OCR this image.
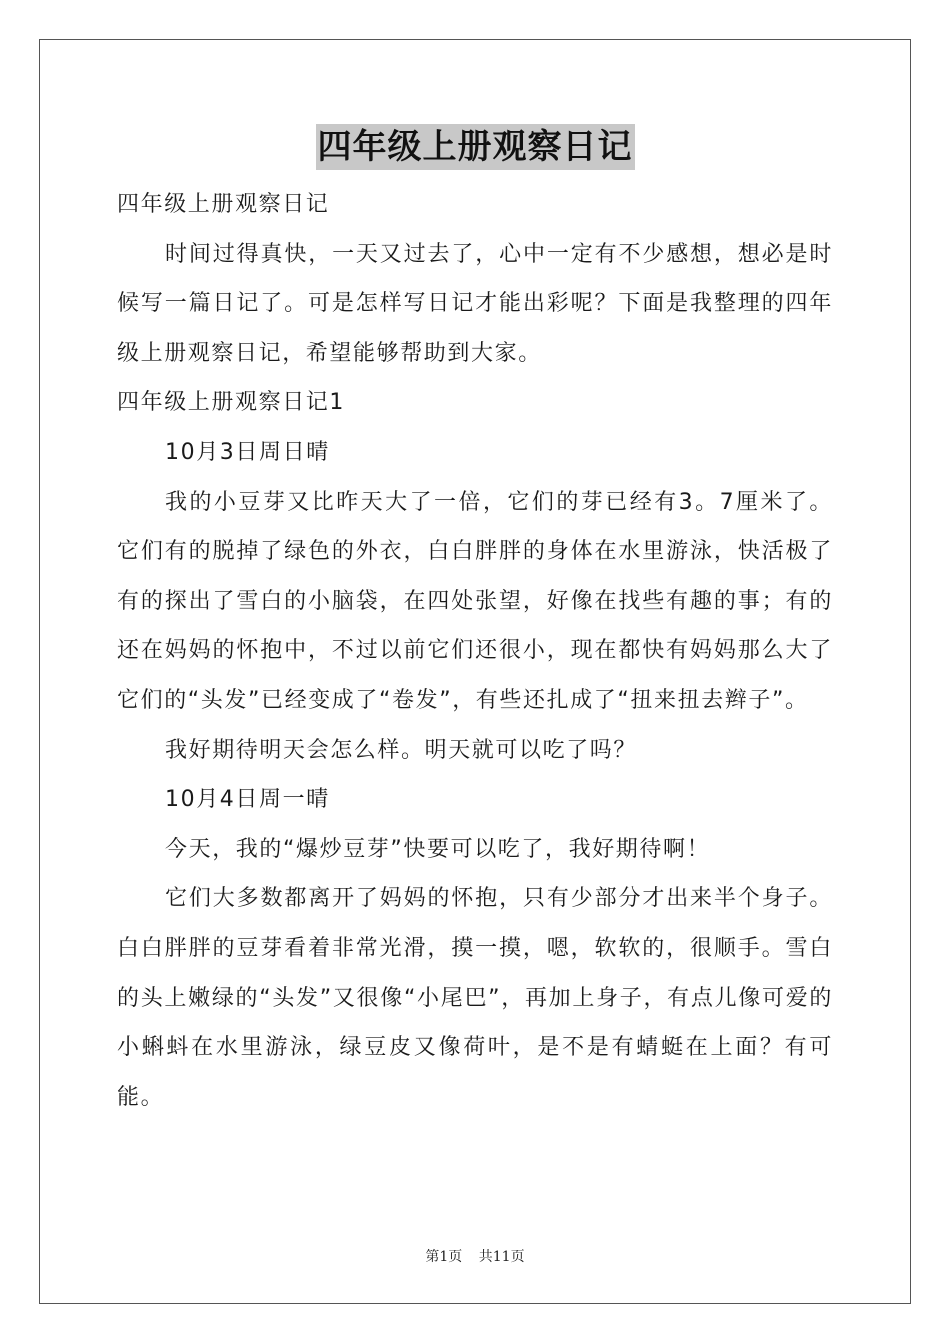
四年级上册观察日记

四年级上册观察日记

时间过得真快，一天又过去了，心中一定有不少感想，想必是时候写一篇日记了。可是怎样写日记才能出彩呢？下面是我整理的四年级上册观察日记，希望能够帮助到大家。

四年级上册观察日记1

10月3日周日晴

我的小豆芽又比昨天大了一倍，它们的芽已经有3。7厘米了。它们有的脱掉了绿色的外衣，白白胖胖的身体在水里游泳，快活极了有的探出了雪白的小脑袋，在四处张望，好像在找些有趣的事；有的还在妈妈的怀抱中，不过以前它们还很小，现在都快有妈妈那么大了它们的“头发”已经变成了“卷发”，有些还扎成了“扭来扭去辫子”。

我好期待明天会怎么样。明天就可以吃了吗？

10月4日周一晴

今天，我的“爆炒豆芽”快要可以吃了，我好期待啊！

它们大多数都离开了妈妈的怀抱，只有少部分才出来半个身子。白白胖胖的豆芽看着非常光滑，摸一摸，嗯，软软的，很顺手。雪白的头上嫩绿的“头发”又很像“小尾巴”，再加上身子，有点儿像可爱的小蝌蚪在水里游泳，绿豆皮又像荷叶，是不是有蜻蜓在上面？有可能。

第1页 共11页
